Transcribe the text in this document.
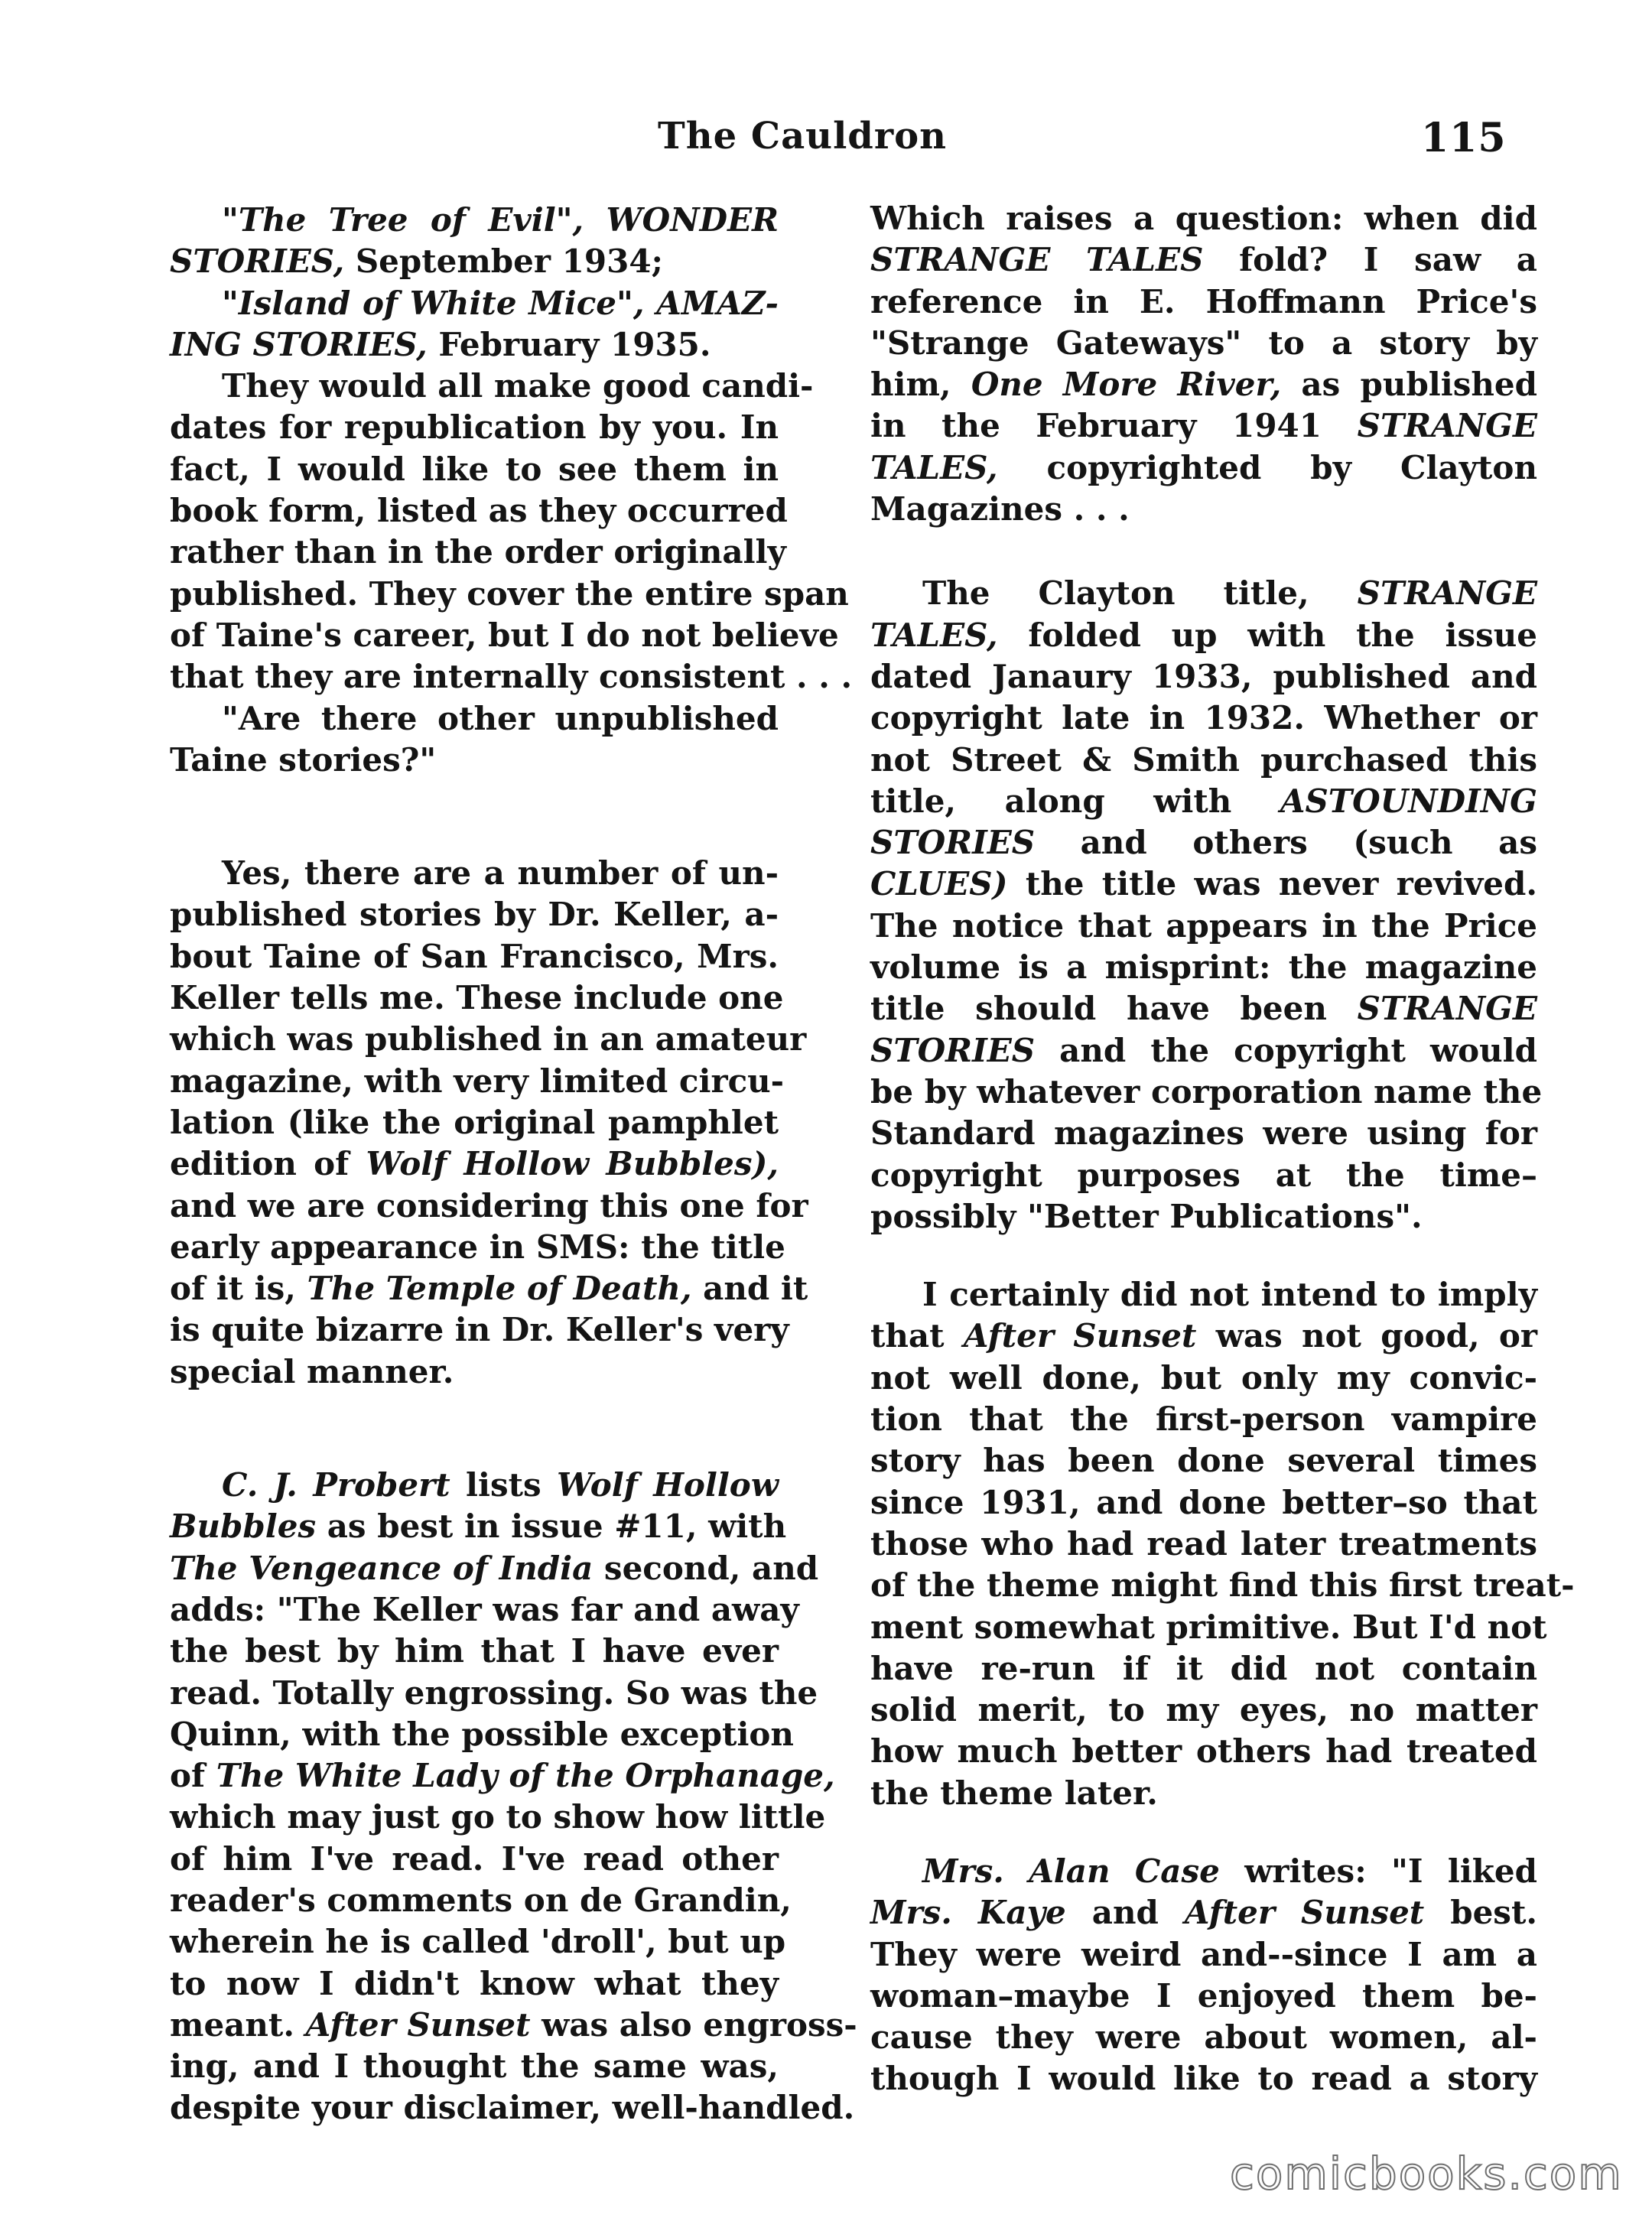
The Cauldron	115
"The Tree of Evil", WONDER
STORIES, September 1934;
"Island of White Mice", AMAZ-
ING STORIES, February 1935.
They would all make good candi-
dates for republication by you. In
fact, I would like to see them in
book form, listed as they occurred
rather than in the order originally
published. They cover the entire span
of Taine's career, but I do not believe
that they are internally consistent . . .
"Are there other unpublished
Taine stories?"
Yes, there are a number of un-
published stories by Dr. Keller, a-
bout Taine of San Francisco, Mrs.
Keller tells me. These include one
which was published in an amateur
magazine, with very limited circu-
lation (like the original pamphlet
edition of Wolf Hollow Bubbles),
and we are considering this one for
early appearance in SMS: the title
of it is, The Temple of Death, and it
is quite bizarre in Dr. Keller's very
special manner.
C. J. Probert lists Wolf Hollow
Bubbles as best in issue #11, with
The Vengeance of India second, and
adds: "The Keller was far and away
the best by him that I have ever
read. Totally engrossing. So was the
Quinn, with the possible exception
of The White Lady of the Orphanage,
which may just go to show how little
of him I've read. I've read other
reader's comments on de Grandin,
wherein he is called 'droll', but up
to now I didn't know what they
meant. After Sunset was also engross-
ing, and I thought the same was,
despite your disclaimer, well-handled.
Which raises a question: when did
STRANGE TALES fold? I saw a
reference in E. Hoffmann Price's
"Strange Gateways" to a story by
him, One More River, as published
in the February 1941 STRANGE
TALES, copyrighted by Clayton
Magazines . . .
The Clayton title, STRANGE
TALES, folded up with the issue
dated Janaury 1933, published and
copyright late in 1932. Whether or
not Street & Smith purchased this
title, along with ASTOUNDING
STORIES and others (such as
CLUES) the title was never revived.
The notice that appears in the Price
volume is a misprint: the magazine
title should have been STRANGE
STORIES and the copyright would
be by whatever corporation name the
Standard magazines were using for
copyright purposes at the time–
possibly "Better Publications".
I certainly did not intend to imply
that After Sunset was not good, or
not well done, but only my convic-
tion that the first-person vampire
story has been done several times
since 1931, and done better–so that
those who had read later treatments
of the theme might find this first treat-
ment somewhat primitive. But I'd not
have re-run if it did not contain
solid merit, to my eyes, no matter
how much better others had treated
the theme later.
Mrs. Alan Case writes: "I liked
Mrs. Kaye and After Sunset best.
They were weird and--since I am a
woman–maybe I enjoyed them be-
cause they were about women, al-
though I would like to read a story
comicbooks.com
